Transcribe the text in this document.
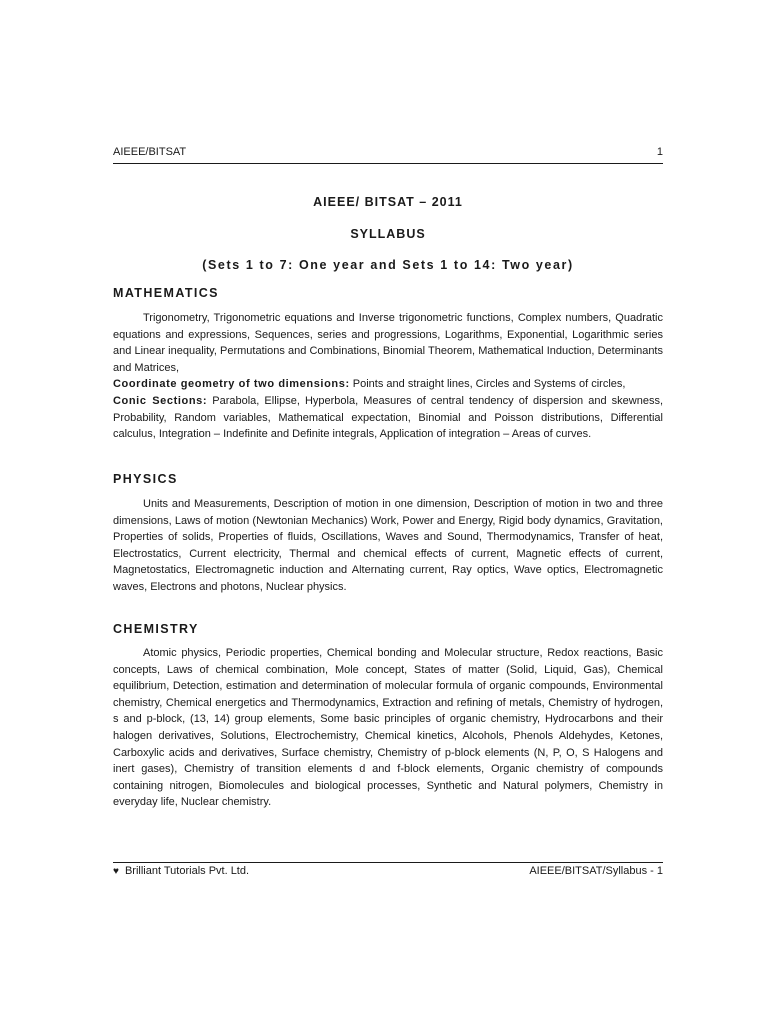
AIEEE/BITSAT	1
AIEEE/ BITSAT – 2011
SYLLABUS
(Sets 1 to 7: One year and Sets 1 to 14: Two year)
MATHEMATICS

Trigonometry, Trigonometric equations and Inverse trigonometric functions, Complex numbers, Quadratic equations and expressions, Sequences, series and progressions, Logarithms, Exponential, Logarithmic series and Linear inequality, Permutations and Combinations, Binomial Theorem, Mathematical Induction, Determinants and Matrices,
Coordinate geometry of two dimensions: Points and straight lines, Circles and Systems of circles,
Conic Sections: Parabola, Ellipse, Hyperbola, Measures of central tendency of dispersion and skewness, Probability, Random variables, Mathematical expectation, Binomial and Poisson distributions, Differential calculus, Integration – Indefinite and Definite integrals, Application of integration – Areas of curves.

PHYSICS

Units and Measurements, Description of motion in one dimension, Description of motion in two and three dimensions, Laws of motion (Newtonian Mechanics) Work, Power and Energy, Rigid body dynamics, Gravitation, Properties of solids, Properties of fluids, Oscillations, Waves and Sound, Thermodynamics, Transfer of heat, Electrostatics, Current electricity, Thermal and chemical effects of current, Magnetic effects of current, Magnetostatics, Electromagnetic induction and Alternating current, Ray optics, Wave optics, Electromagnetic waves, Electrons and photons, Nuclear physics.

CHEMISTRY

Atomic physics, Periodic properties, Chemical bonding and Molecular structure, Redox reactions, Basic concepts, Laws of chemical combination, Mole concept, States of matter (Solid, Liquid, Gas), Chemical equilibrium, Detection, estimation and determination of molecular formula of organic compounds, Environmental chemistry, Chemical energetics and Thermodynamics, Extraction and refining of metals, Chemistry of hydrogen, s and p-block, (13, 14) group elements, Some basic principles of organic chemistry, Hydrocarbons and their halogen derivatives, Solutions, Electrochemistry, Chemical kinetics, Alcohols, Phenols Aldehydes, Ketones, Carboxylic acids and derivatives, Surface chemistry, Chemistry of p-block elements (N, P, O, S Halogens and inert gases), Chemistry of transition elements d and f-block elements, Organic chemistry of compounds containing nitrogen, Biomolecules and biological processes, Synthetic and Natural polymers, Chemistry in everyday life, Nuclear chemistry.

♥ Brilliant Tutorials Pvt. Ltd.	AIEEE/BITSAT/Syllabus - 1
